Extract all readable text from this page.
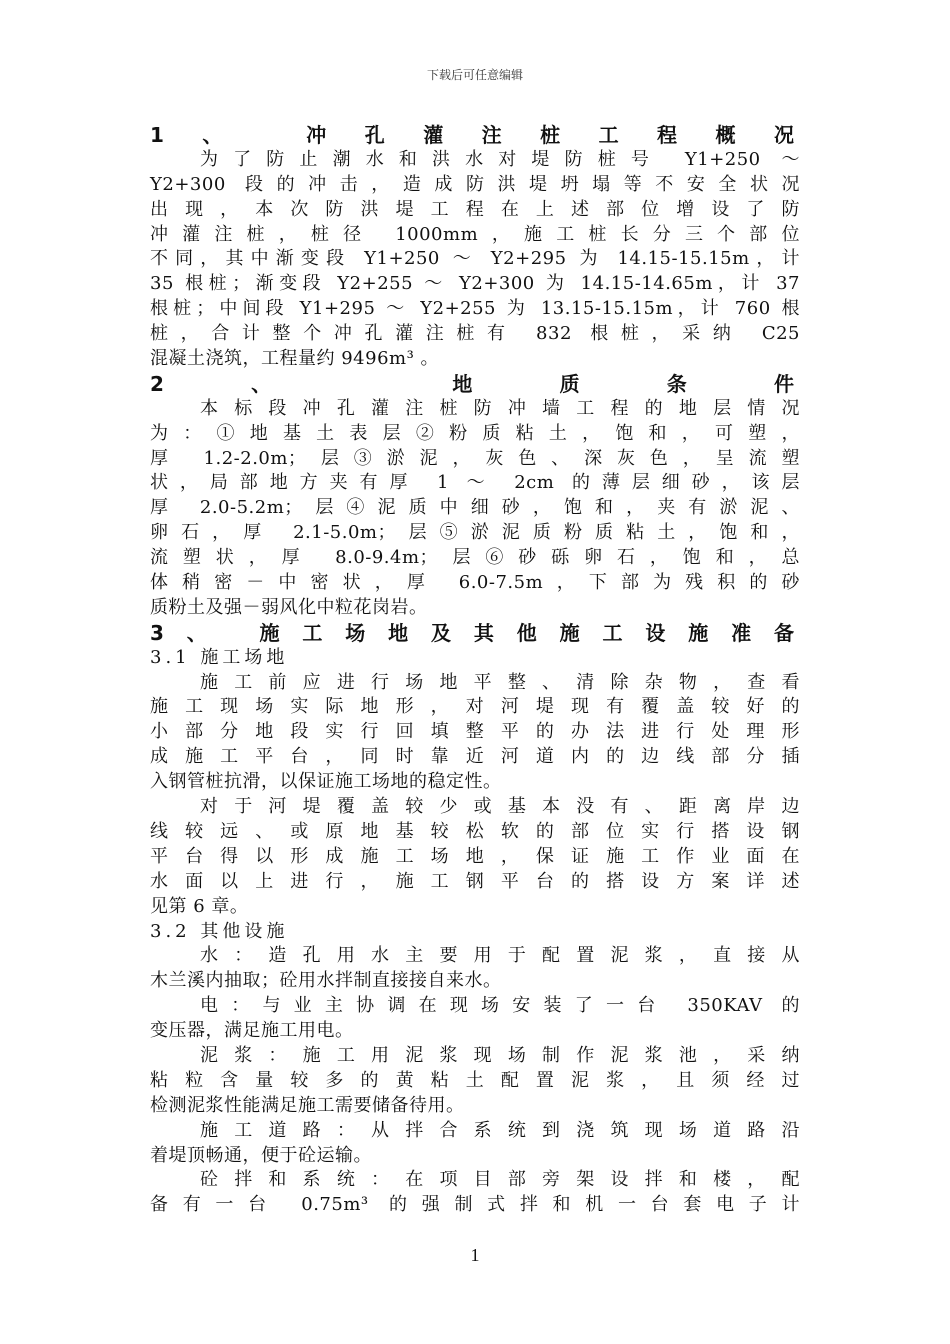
下载后可任意编辑
1、 冲孔灌注桩工程概况
为了防止潮水和洪水对堤防桩号 Y1+250 ～
Y2+300 段的冲击，造成防洪堤坍塌等不安全状况
出现，本次防洪堤工程在上述部位增设了防
冲灌注桩，桩径 1000mm，施工桩长分三个部位
不同，其中渐变段 Y1+250 ～ Y2+295 为 14.15-15.15m，计
35 根桩；渐变段 Y2+255 ～ Y2+300 为 14.15-14.65m，计 37
根桩；中间段 Y1+295 ～ Y2+255 为 13.15-15.15m，计 760 根
桩，合计整个冲孔灌注桩有 832 根桩，采纳 C25
混凝土浇筑，工程量约 9496m³ 。
2、 地质条件
本标段冲孔灌注桩防冲墙工程的地层情况
为：①地基土表层②粉质粘土，饱和，可塑，
厚 1.2-2.0m；层③淤泥，灰色、深灰色，呈流塑
状，局部地方夹有厚 1 ～ 2cm 的薄层细砂，该层
厚 2.0-5.2m；层④泥质中细砂，饱和，夹有淤泥、
卵石，厚 2.1-5.0m；层⑤淤泥质粉质粘土，饱和，
流塑状，厚 8.0-9.4m；层⑥砂砾卵石，饱和，总
体稍密－中密状，厚 6.0-7.5m，下部为残积的砂
质粉土及强－弱风化中粒花岗岩。
3、 施工场地及其他施工设施准备
3.1 施工场地
施工前应进行场地平整、清除杂物，查看
施工现场实际地形，对河堤现有覆盖较好的
小部分地段实行回填整平的办法进行处理形
成施工平台，同时靠近河道内的边线部分插
入钢管桩抗滑，以保证施工场地的稳定性。
对于河堤覆盖较少或基本没有、距离岸边
线较远、或原地基较松软的部位实行搭设钢
平台得以形成施工场地，保证施工作业面在
水面以上进行，施工钢平台的搭设方案详述
见第 6 章。
3.2 其他设施
水：造孔用水主要用于配置泥浆，直接从
木兰溪内抽取；砼用水拌制直接接自来水。
电：与业主协调在现场安装了一台 350KAV 的
变压器，满足施工用电。
泥浆：施工用泥浆现场制作泥浆池，采纳
粘粒含量较多的黄粘土配置泥浆，且须经过
检测泥浆性能满足施工需要储备待用。
施工道路：从拌合系统到浇筑现场道路沿
着堤顶畅通，便于砼运输。
砼拌和系统：在项目部旁架设拌和楼，配
备有一台 0.75m³ 的强制式拌和机一台套电子计
1
